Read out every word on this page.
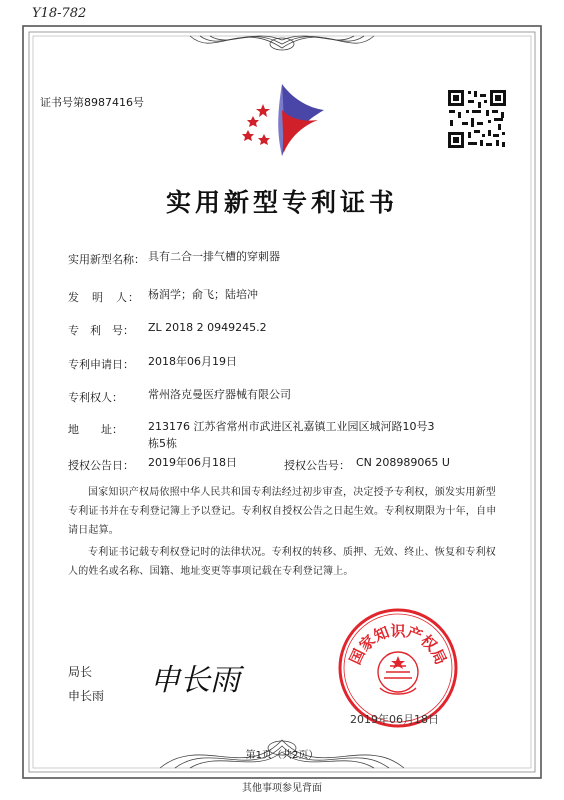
Y18-782
证书号第8987416号
实用新型专利证书
实用新型名称： 具有二合一排气槽的穿刺器
发　明　人： 杨润学；俞飞；陆培冲
专　利　号： ZL 2018 2 0949245.2
专利申请日： 2018年06月19日
专利权人： 常州洛克曼医疗器械有限公司
地　　址： 213176 江苏省常州市武进区礼嘉镇工业园区城河路10号3
栋5栋
授权公告日： 2019年06月18日	授权公告号： CN 208989065 U
国家知识产权局依照中华人民共和国专利法经过初步审查，决定授予专利权，颁发实用新型专利证书并在专利登记簿上予以登记。专利权自授权公告之日起生效。专利权期限为十年，自申请日起算。
专利证书记载专利权登记时的法律状况。专利权的转移、质押、无效、终止、恢复和专利权人的姓名或名称、国籍、地址变更等事项记载在专利登记簿上。
局长
申长雨 申长雨
国家知识产权局
2019年06月18日
第1页（共2页）
其他事项参见背面
